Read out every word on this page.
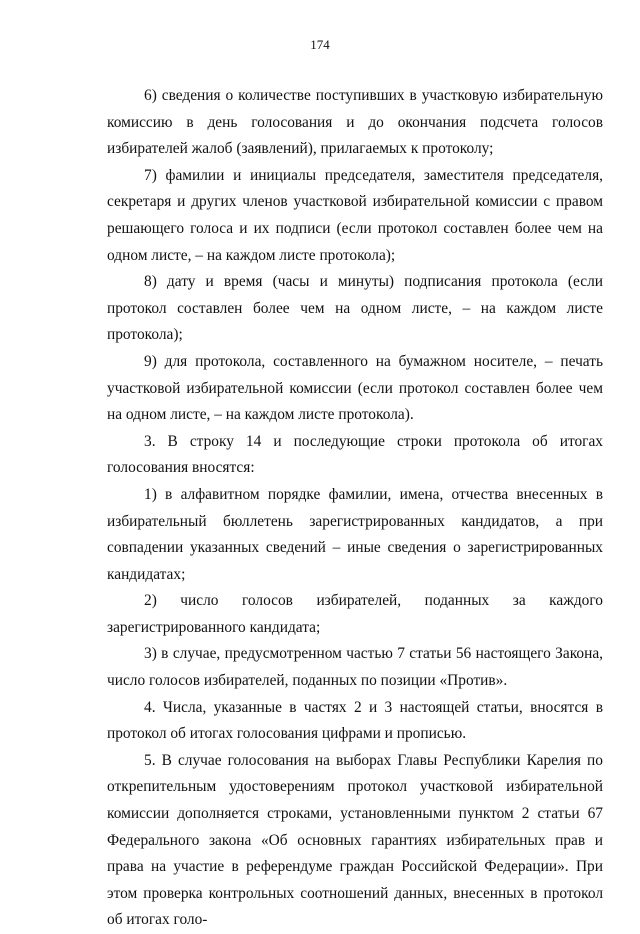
174

6) сведения о количестве поступивших в участковую избирательную комиссию в день голосования и до окончания подсчета голосов избирателей жалоб (заявлений), прилагаемых к протоколу;

7) фамилии и инициалы председателя, заместителя председателя, секретаря и других членов участковой избирательной комиссии с правом решающего голоса и их подписи (если протокол составлен более чем на одном листе, – на каждом листе протокола);

8) дату и время (часы и минуты) подписания протокола (если протокол составлен более чем на одном листе, – на каждом листе протокола);

9) для протокола, составленного на бумажном носителе, – печать участковой избирательной комиссии (если протокол составлен более чем на одном листе, – на каждом листе протокола).

3. В строку 14 и последующие строки протокола об итогах голосования вносятся:

1) в алфавитном порядке фамилии, имена, отчества внесенных в избирательный бюллетень зарегистрированных кандидатов, а при совпадении указанных сведений – иные сведения о зарегистрированных кандидатах;

2) число голосов избирателей, поданных за каждого зарегистрированного кандидата;

3) в случае, предусмотренном частью 7 статьи 56 настоящего Закона, число голосов избирателей, поданных по позиции «Против».

4. Числа, указанные в частях 2 и 3 настоящей статьи, вносятся в протокол об итогах голосования цифрами и прописью.

5. В случае голосования на выборах Главы Республики Карелия по открепительным удостоверениям протокол участковой избирательной комиссии дополняется строками, установленными пунктом 2 статьи 67 Федерального закона «Об основных гарантиях избирательных прав и права на участие в референдуме граждан Российской Федерации». При этом проверка контрольных соотношений данных, внесенных в протокол об итогах голо-
